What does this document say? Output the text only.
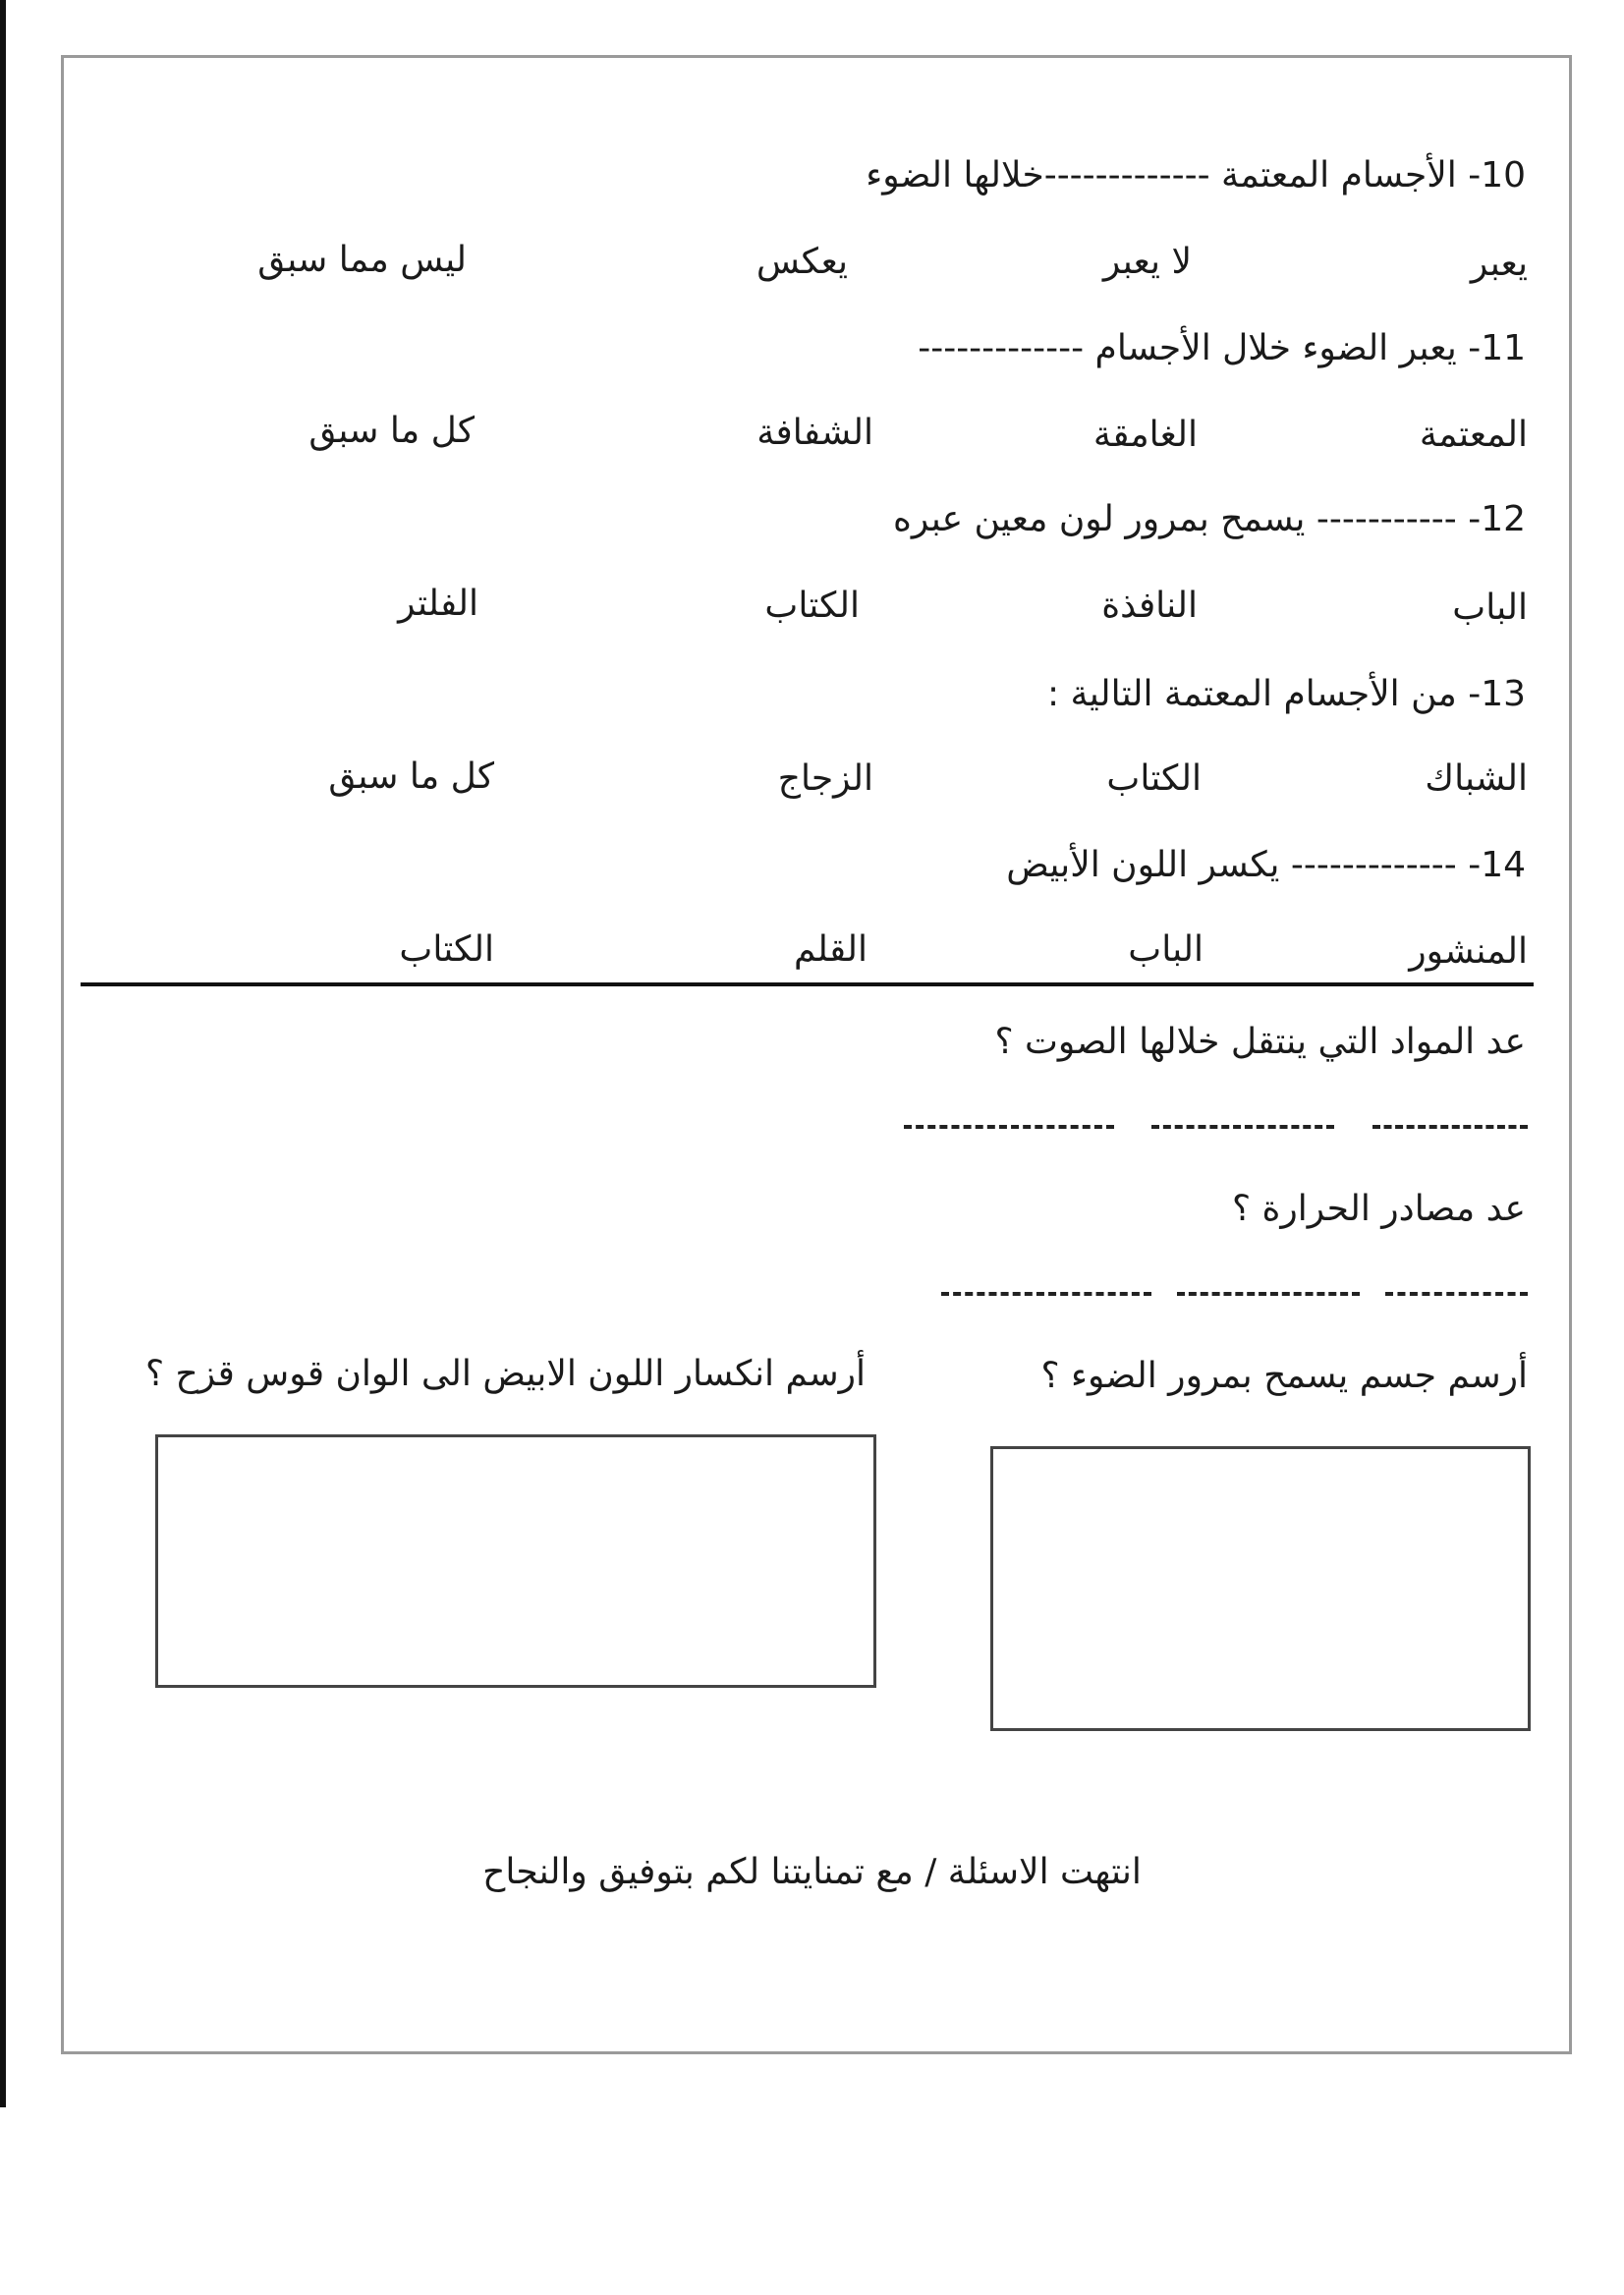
10- الأجسام المعتمة -------------خلالها الضوء
يعبر
لا يعبر
يعكس
ليس مما سبق
11- يعبر الضوء خلال الأجسام -------------
المعتمة
الغامقة
الشفافة
كل ما سبق
12- ----------- يسمح بمرور لون معين عبره
الباب
النافذة
الكتاب
الفلتر
13- من الأجسام المعتمة التالية :
الشباك
الكتاب
الزجاج
كل ما سبق
14- ------------- يكسر اللون الأبيض
المنشور
الباب
القلم
الكتاب
عد المواد التي ينتقل خلالها الصوت ؟
عد مصادر الحرارة ؟
أرسم جسم يسمح بمرور الضوء ؟
أرسم انكسار اللون الابيض الى الوان قوس قزح ؟
انتهت الاسئلة / مع تمنايتنا لكم بتوفيق والنجاح
